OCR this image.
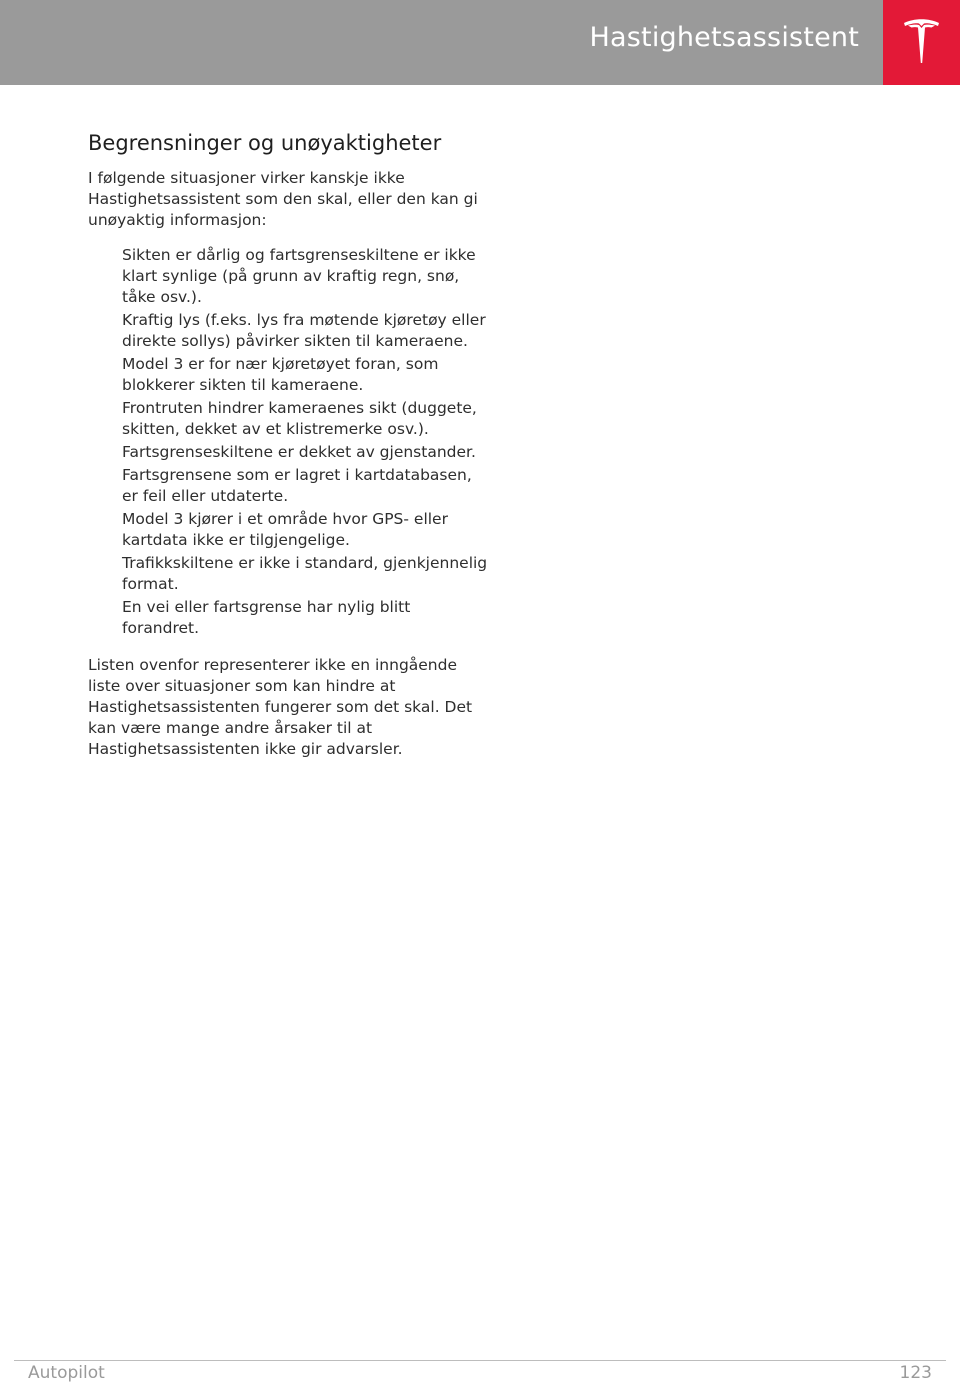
Hastighetsassistent
Begrensninger og unøyaktigheter

I følgende situasjoner virker kanskje ikke Hastighetsassistent som den skal, eller den kan gi unøyaktig informasjon:

Sikten er dårlig og fartsgrenseskiltene er ikke klart synlige (på grunn av kraftig regn, snø, tåke osv.).
Kraftig lys (f.eks. lys fra møtende kjøretøy eller direkte sollys) påvirker sikten til kameraene.
Model 3 er for nær kjøretøyet foran, som blokkerer sikten til kameraene.
Frontruten hindrer kameraenes sikt (duggete, skitten, dekket av et klistremerke osv.).
Fartsgrenseskiltene er dekket av gjenstander.
Fartsgrensene som er lagret i kartdatabasen, er feil eller utdaterte.
Model 3 kjører i et område hvor GPS- eller kartdata ikke er tilgjengelige.
Trafikkskiltene er ikke i standard, gjenkjennelig format.
En vei eller fartsgrense har nylig blitt forandret.

Listen ovenfor representerer ikke en inngående liste over situasjoner som kan hindre at Hastighetsassistenten fungerer som det skal. Det kan være mange andre årsaker til at Hastighetsassistenten ikke gir advarsler.

Autopilot	123
